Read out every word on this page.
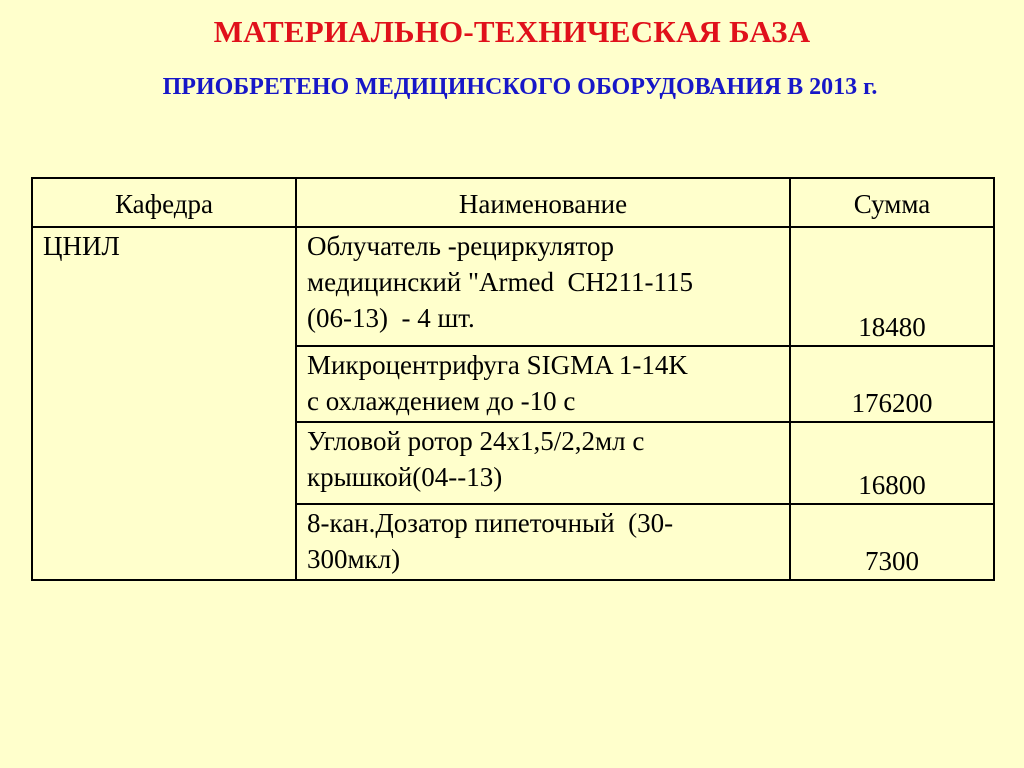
МАТЕРИАЛЬНО-ТЕХНИЧЕСКАЯ БАЗА
ПРИОБРЕТЕНО МЕДИЦИНСКОГО ОБОРУДОВАНИЯ В 2013 г.
Кафедра	Наименование	Сумма
ЦНИЛ	Облучатель -рециркулятор
медицинский "Armed  CH211-115
(06-13)  - 4 шт.	18480

	Микроцентрифуга SIGMA 1-14K
с охлаждением до -10 с	176200

	Угловой ротор 24х1,5/2,2мл с
крышкой(04--13)	16800

	8-кан.Дозатор пипеточный  (30-
300мкл)	7300
